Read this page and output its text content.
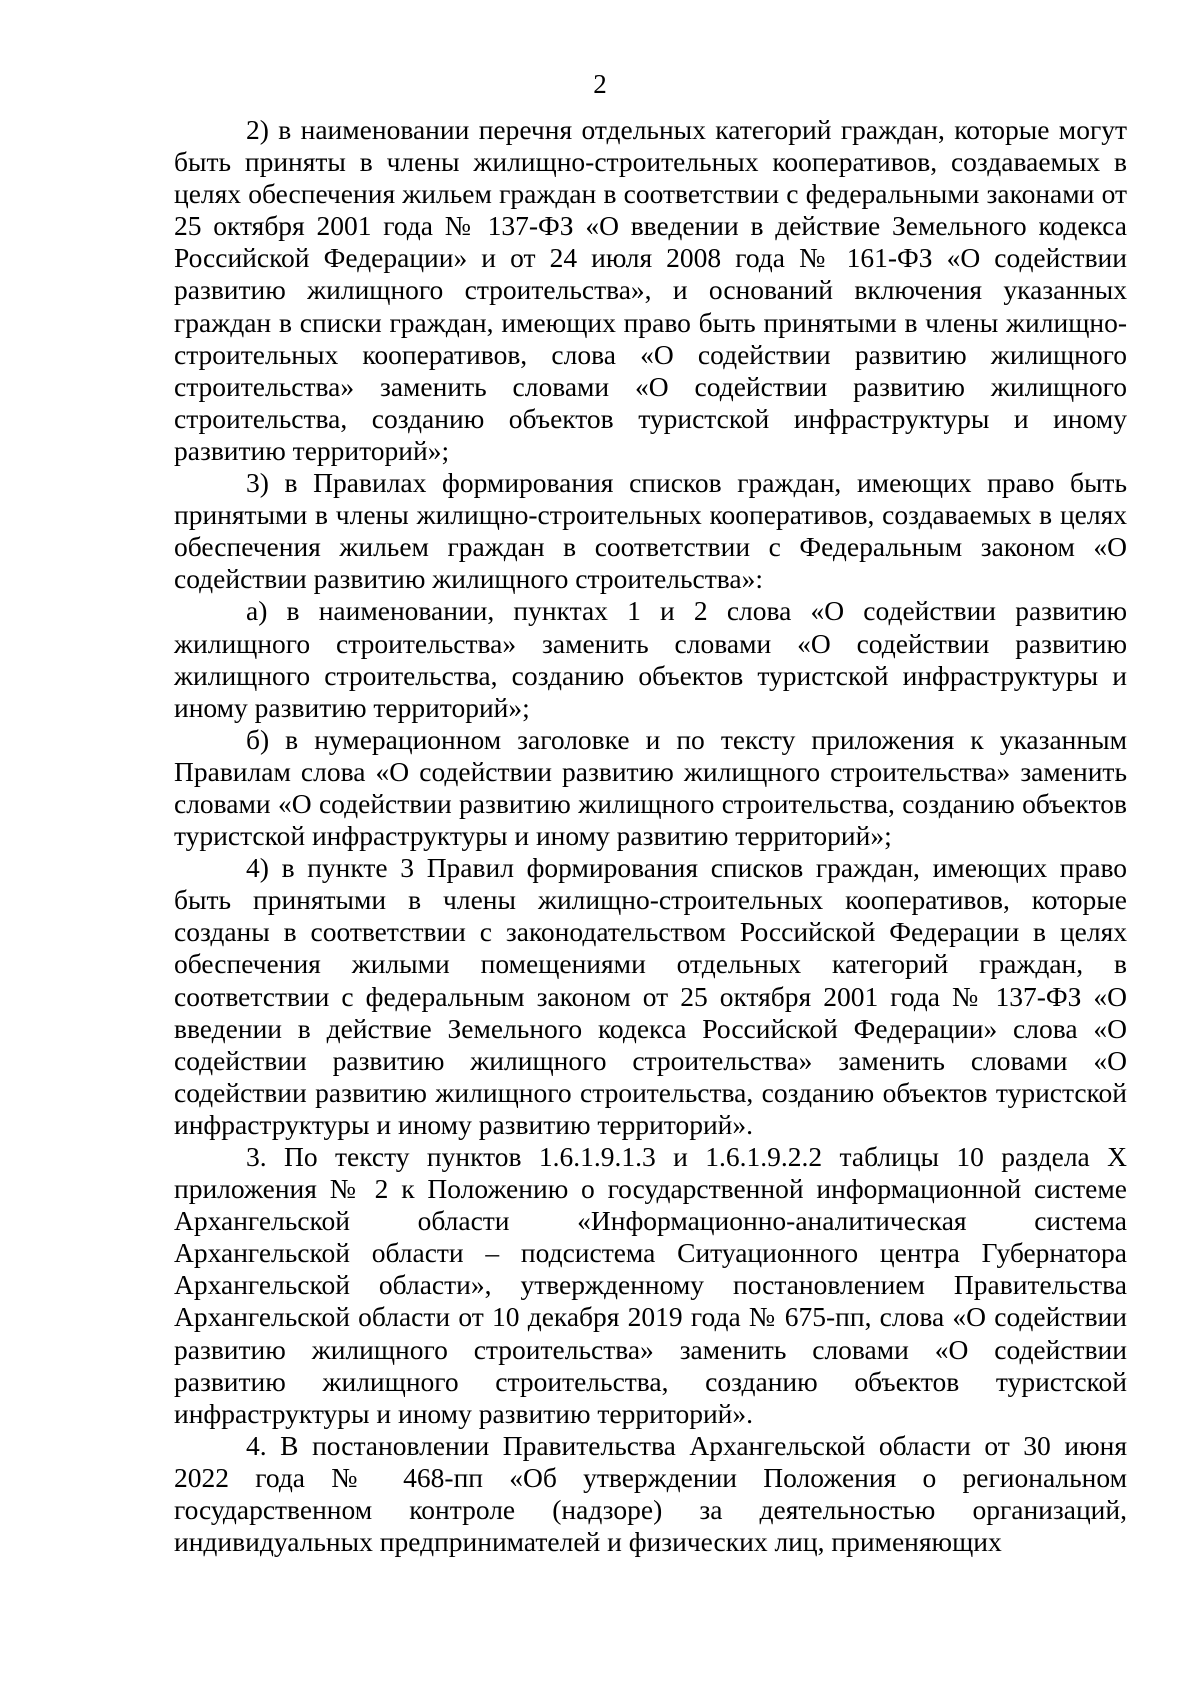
2

2) в наименовании перечня отдельных категорий граждан, которые могут быть приняты в члены жилищно-строительных кооперативов, создаваемых в целях обеспечения жильем граждан в соответствии с федеральными законами от 25 октября 2001 года № 137-ФЗ «О введении в действие Земельного кодекса Российской Федерации» и от 24 июля 2008 года № 161-ФЗ «О содействии развитию жилищного строительства», и оснований включения указанных граждан в списки граждан, имеющих право быть принятыми в члены жилищно-строительных кооперативов, слова «О содействии развитию жилищного строительства» заменить словами «О содействии развитию жилищного строительства, созданию объектов туристской инфраструктуры и иному развитию территорий»;

3) в Правилах формирования списков граждан, имеющих право быть принятыми в члены жилищно-строительных кооперативов, создаваемых в целях обеспечения жильем граждан в соответствии с Федеральным законом «О содействии развитию жилищного строительства»:

а) в наименовании, пунктах 1 и 2 слова «О содействии развитию жилищного строительства» заменить словами «О содействии развитию жилищного строительства, созданию объектов туристской инфраструктуры и иному развитию территорий»;

б) в нумерационном заголовке и по тексту приложения к указанным Правилам слова «О содействии развитию жилищного строительства» заменить словами «О содействии развитию жилищного строительства, созданию объектов туристской инфраструктуры и иному развитию территорий»;

4) в пункте 3 Правил формирования списков граждан, имеющих право быть принятыми в члены жилищно-строительных кооперативов, которые созданы в соответствии с законодательством Российской Федерации в целях обеспечения жилыми помещениями отдельных категорий граждан, в соответствии с федеральным законом от 25 октября 2001 года № 137-ФЗ «О введении в действие Земельного кодекса Российской Федерации» слова «О содействии развитию жилищного строительства» заменить словами «О содействии развитию жилищного строительства, созданию объектов туристской инфраструктуры и иному развитию территорий».

3. По тексту пунктов 1.6.1.9.1.3 и 1.6.1.9.2.2 таблицы 10 раздела X приложения № 2 к Положению о государственной информационной системе Архангельской области «Информационно-аналитическая система Архангельской области – подсистема Ситуационного центра Губернатора Архангельской области», утвержденному постановлением Правительства Архангельской области от 10 декабря 2019 года № 675-пп, слова «О содействии развитию жилищного строительства» заменить словами «О содействии развитию жилищного строительства, созданию объектов туристской инфраструктуры и иному развитию территорий».

4. В постановлении Правительства Архангельской области от 30 июня 2022 года № 468-пп «Об утверждении Положения о региональном государственном контроле (надзоре) за деятельностью организаций, индивидуальных предпринимателей и физических лиц, применяющих
